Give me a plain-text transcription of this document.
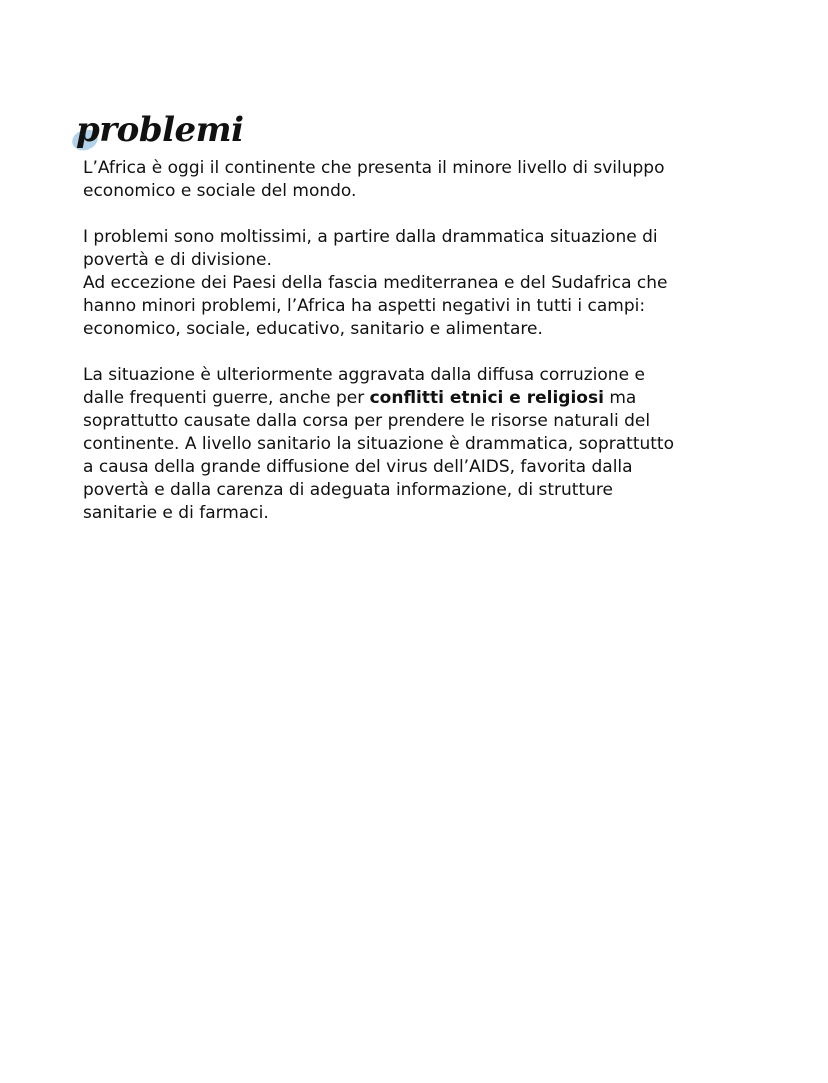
problemi

L’Africa è oggi il continente che presenta il minore livello di sviluppo
economico e sociale del mondo.

I problemi sono moltissimi, a partire dalla drammatica situazione di
povertà e di divisione.
Ad eccezione dei Paesi della fascia mediterranea e del Sudafrica che
hanno minori problemi, l’Africa ha aspetti negativi in tutti i campi:
economico, sociale, educativo, sanitario e alimentare.

La situazione è ulteriormente aggravata dalla diffusa corruzione e
dalle frequenti guerre, anche per conflitti etnici e religiosi ma
soprattutto causate dalla corsa per prendere le risorse naturali del
continente. A livello sanitario la situazione è drammatica, soprattutto
a causa della grande diffusione del virus dell’AIDS, favorita dalla
povertà e dalla carenza di adeguata informazione, di strutture
sanitarie e di farmaci.
